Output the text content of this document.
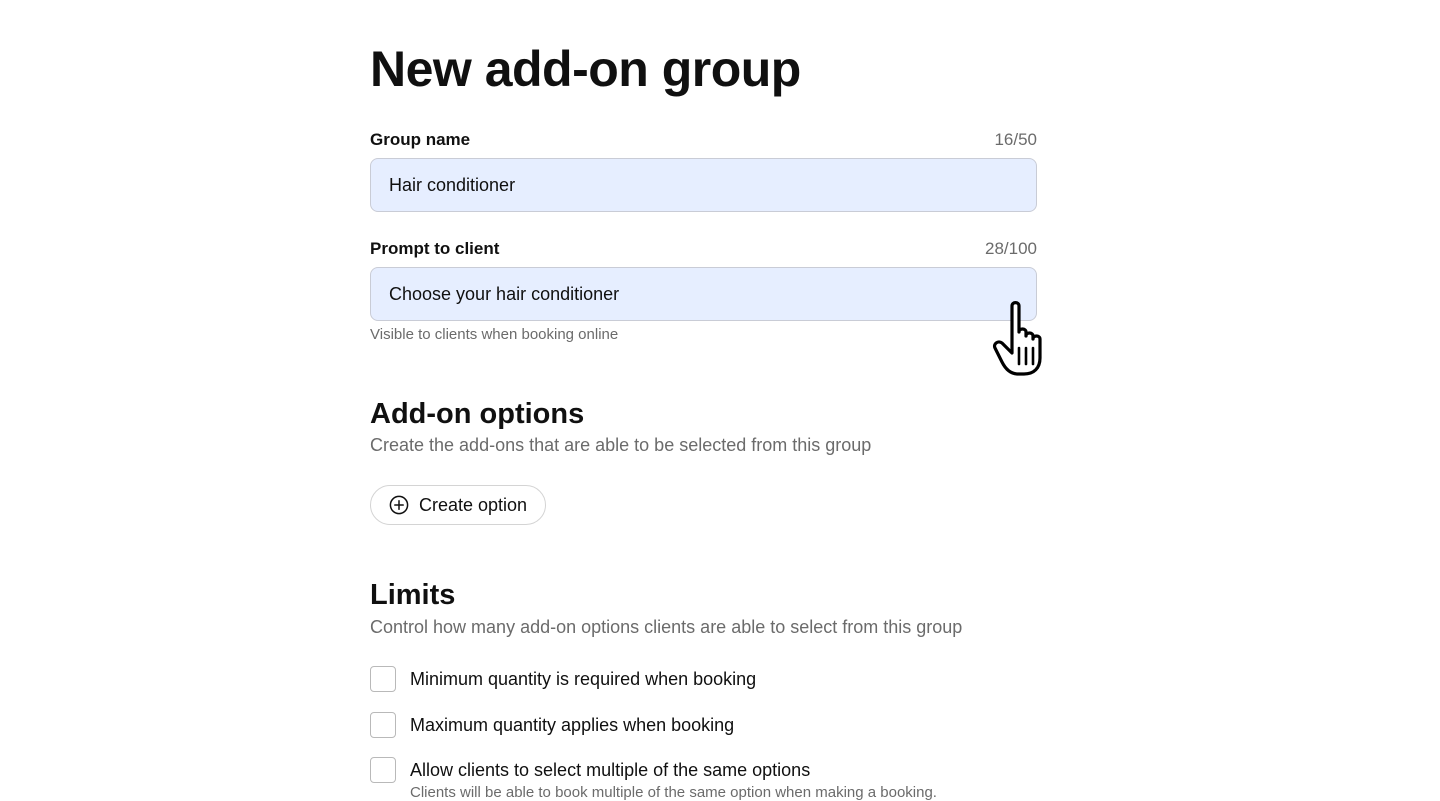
New add-on group
Group name	16/50
Hair conditioner
Prompt to client	28/100
Choose your hair conditioner
Visible to clients when booking online
Add-on options
Create the add-ons that are able to be selected from this group
Create option
Limits
Control how many add-on options clients are able to select from this group
Minimum quantity is required when booking
Maximum quantity applies when booking
Allow clients to select multiple of the same options
Clients will be able to book multiple of the same option when making a booking.
